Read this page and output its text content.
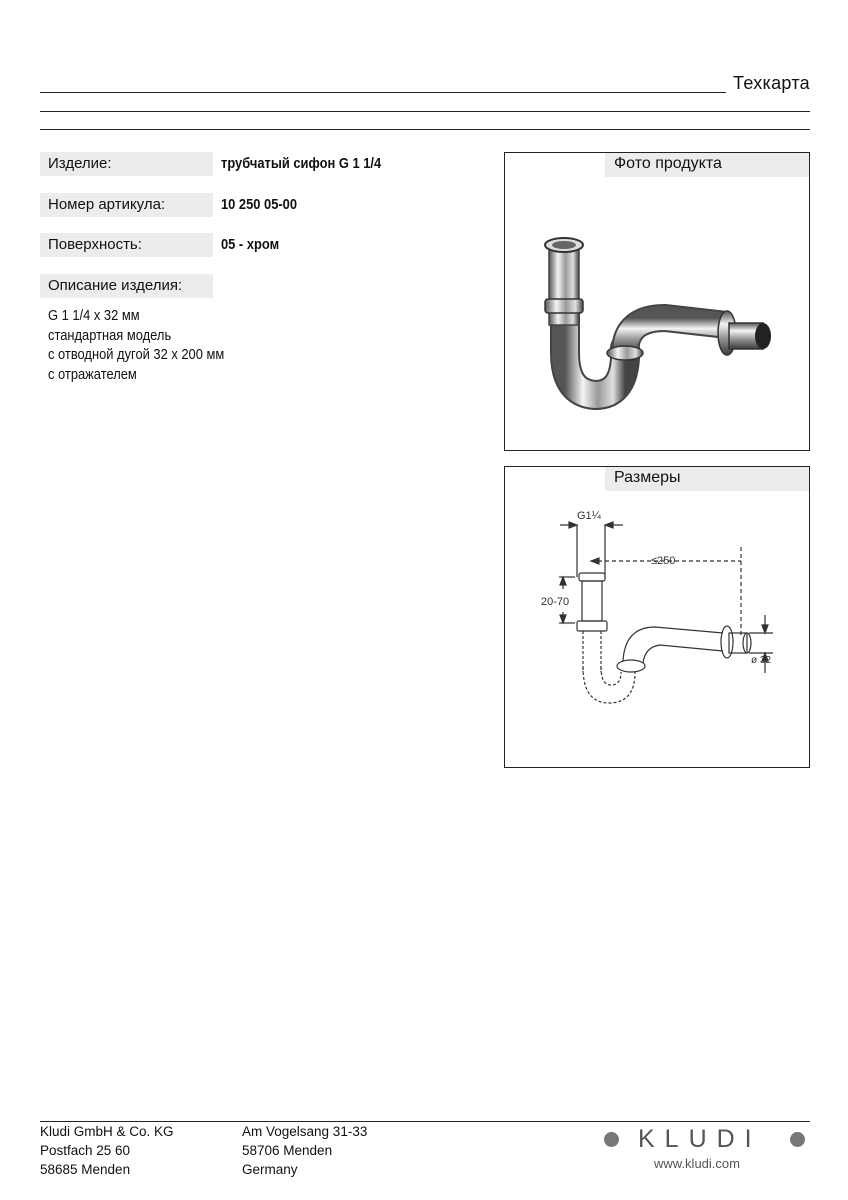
Техкарта
Изделие:	трубчатый сифон G 1 1/4
Номер артикула:	10 250 05-00
Поверхность:	05 - хром
Описание изделия:
G 1 1/4 x 32 мм
стандартная модель
с отводной дугой 32 x 200 мм
с отражателем
Фото продукта
G1¼
≤250
20-70
ø 32
Размеры
Kludi GmbH & Co. KG
Postfach 25 60
58685 Menden
Am Vogelsang 31-33
58706 Menden
Germany
KLUDI
www.kludi.com
